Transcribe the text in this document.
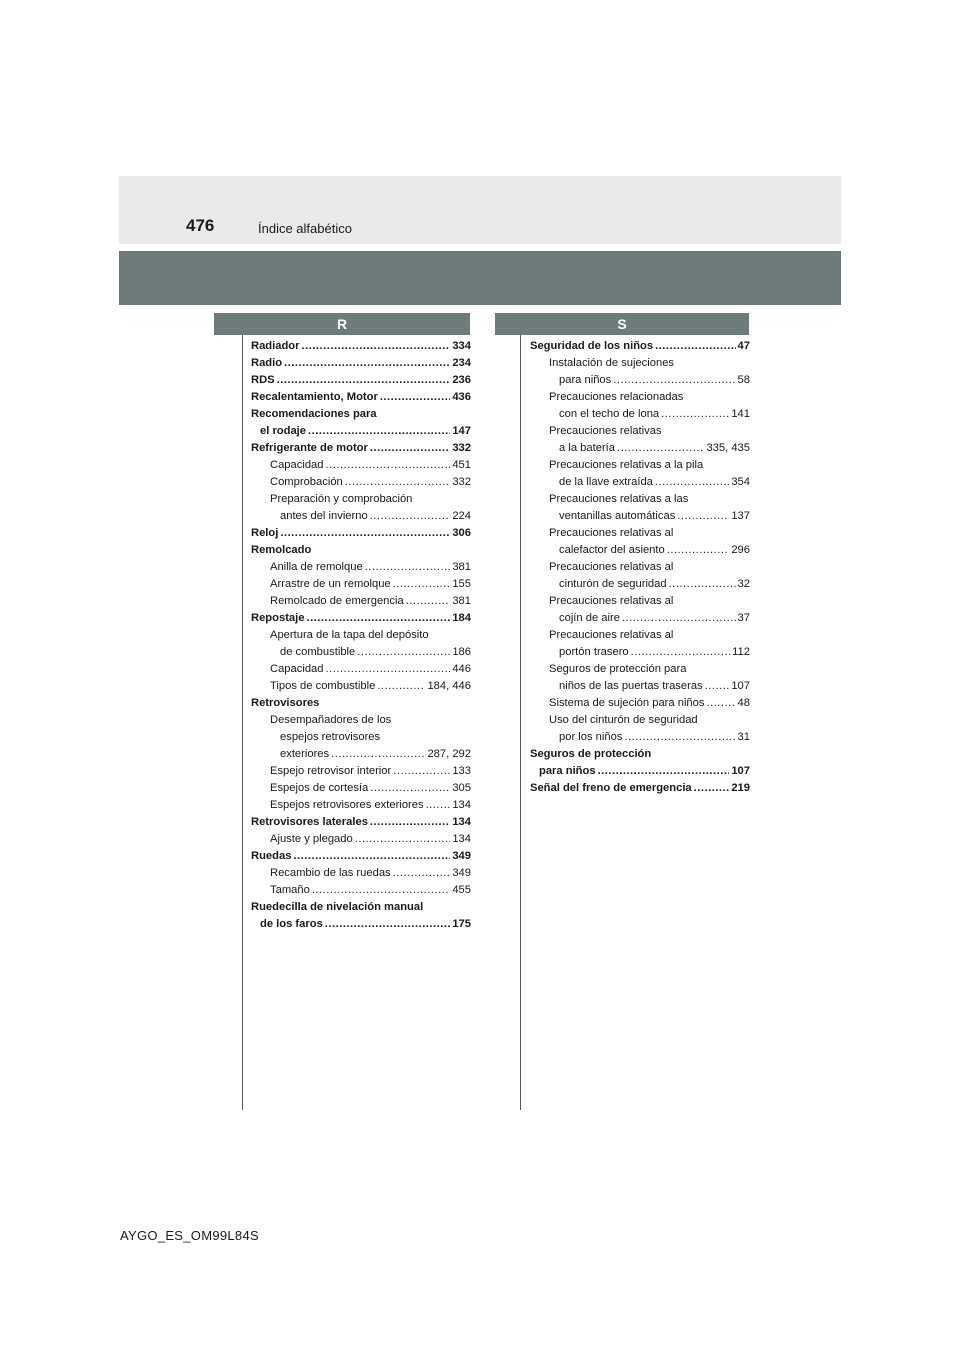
476	Índice alfabético
R	S
Radiador .....	334
Radio .....	234
RDS .....	236
Recalentamiento, Motor .....	436
Recomendaciones para
el rodaje .....	147
Refrigerante de motor .....	332
Capacidad .....	451
Comprobación .....	332
Preparación y comprobación
antes del invierno .....	224
Reloj .....	306
Remolcado
Anilla de remolque .....	381
Arrastre de un remolque .....	155
Remolcado de emergencia .....	381
Repostaje .....	184
Apertura de la tapa del depósito
de combustible .....	186
Capacidad .....	446
Tipos de combustible .....	184, 446
Retrovisores
Desempañadores de los
espejos retrovisores
exteriores .....	287, 292
Espejo retrovisor interior .....	133
Espejos de cortesía .....	305
Espejos retrovisores exteriores .....	134
Retrovisores laterales .....	134
Ajuste y plegado .....	134
Ruedas .....	349
Recambio de las ruedas .....	349
Tamaño .....	455
Ruedecilla de nivelación manual
de los faros .....	175
Seguridad de los niños .....	47
Instalación de sujeciones
para niños .....	58
Precauciones relacionadas
con el techo de lona .....	141
Precauciones relativas
a la batería .....	335, 435
Precauciones relativas a la pila
de la llave extraída .....	354
Precauciones relativas a las
ventanillas automáticas .....	137
Precauciones relativas al
calefactor del asiento .....	296
Precauciones relativas al
cinturón de seguridad .....	32
Precauciones relativas al
cojín de aire .....	37
Precauciones relativas al
portón trasero .....	112
Seguros de protección para
niños de las puertas traseras .....	107
Sistema de sujeción para niños .....	48
Uso del cinturón de seguridad
por los niños .....	31
Seguros de protección
para niños .....	107
Señal del freno de emergencia .....	219
AYGO_ES_OM99L84S
